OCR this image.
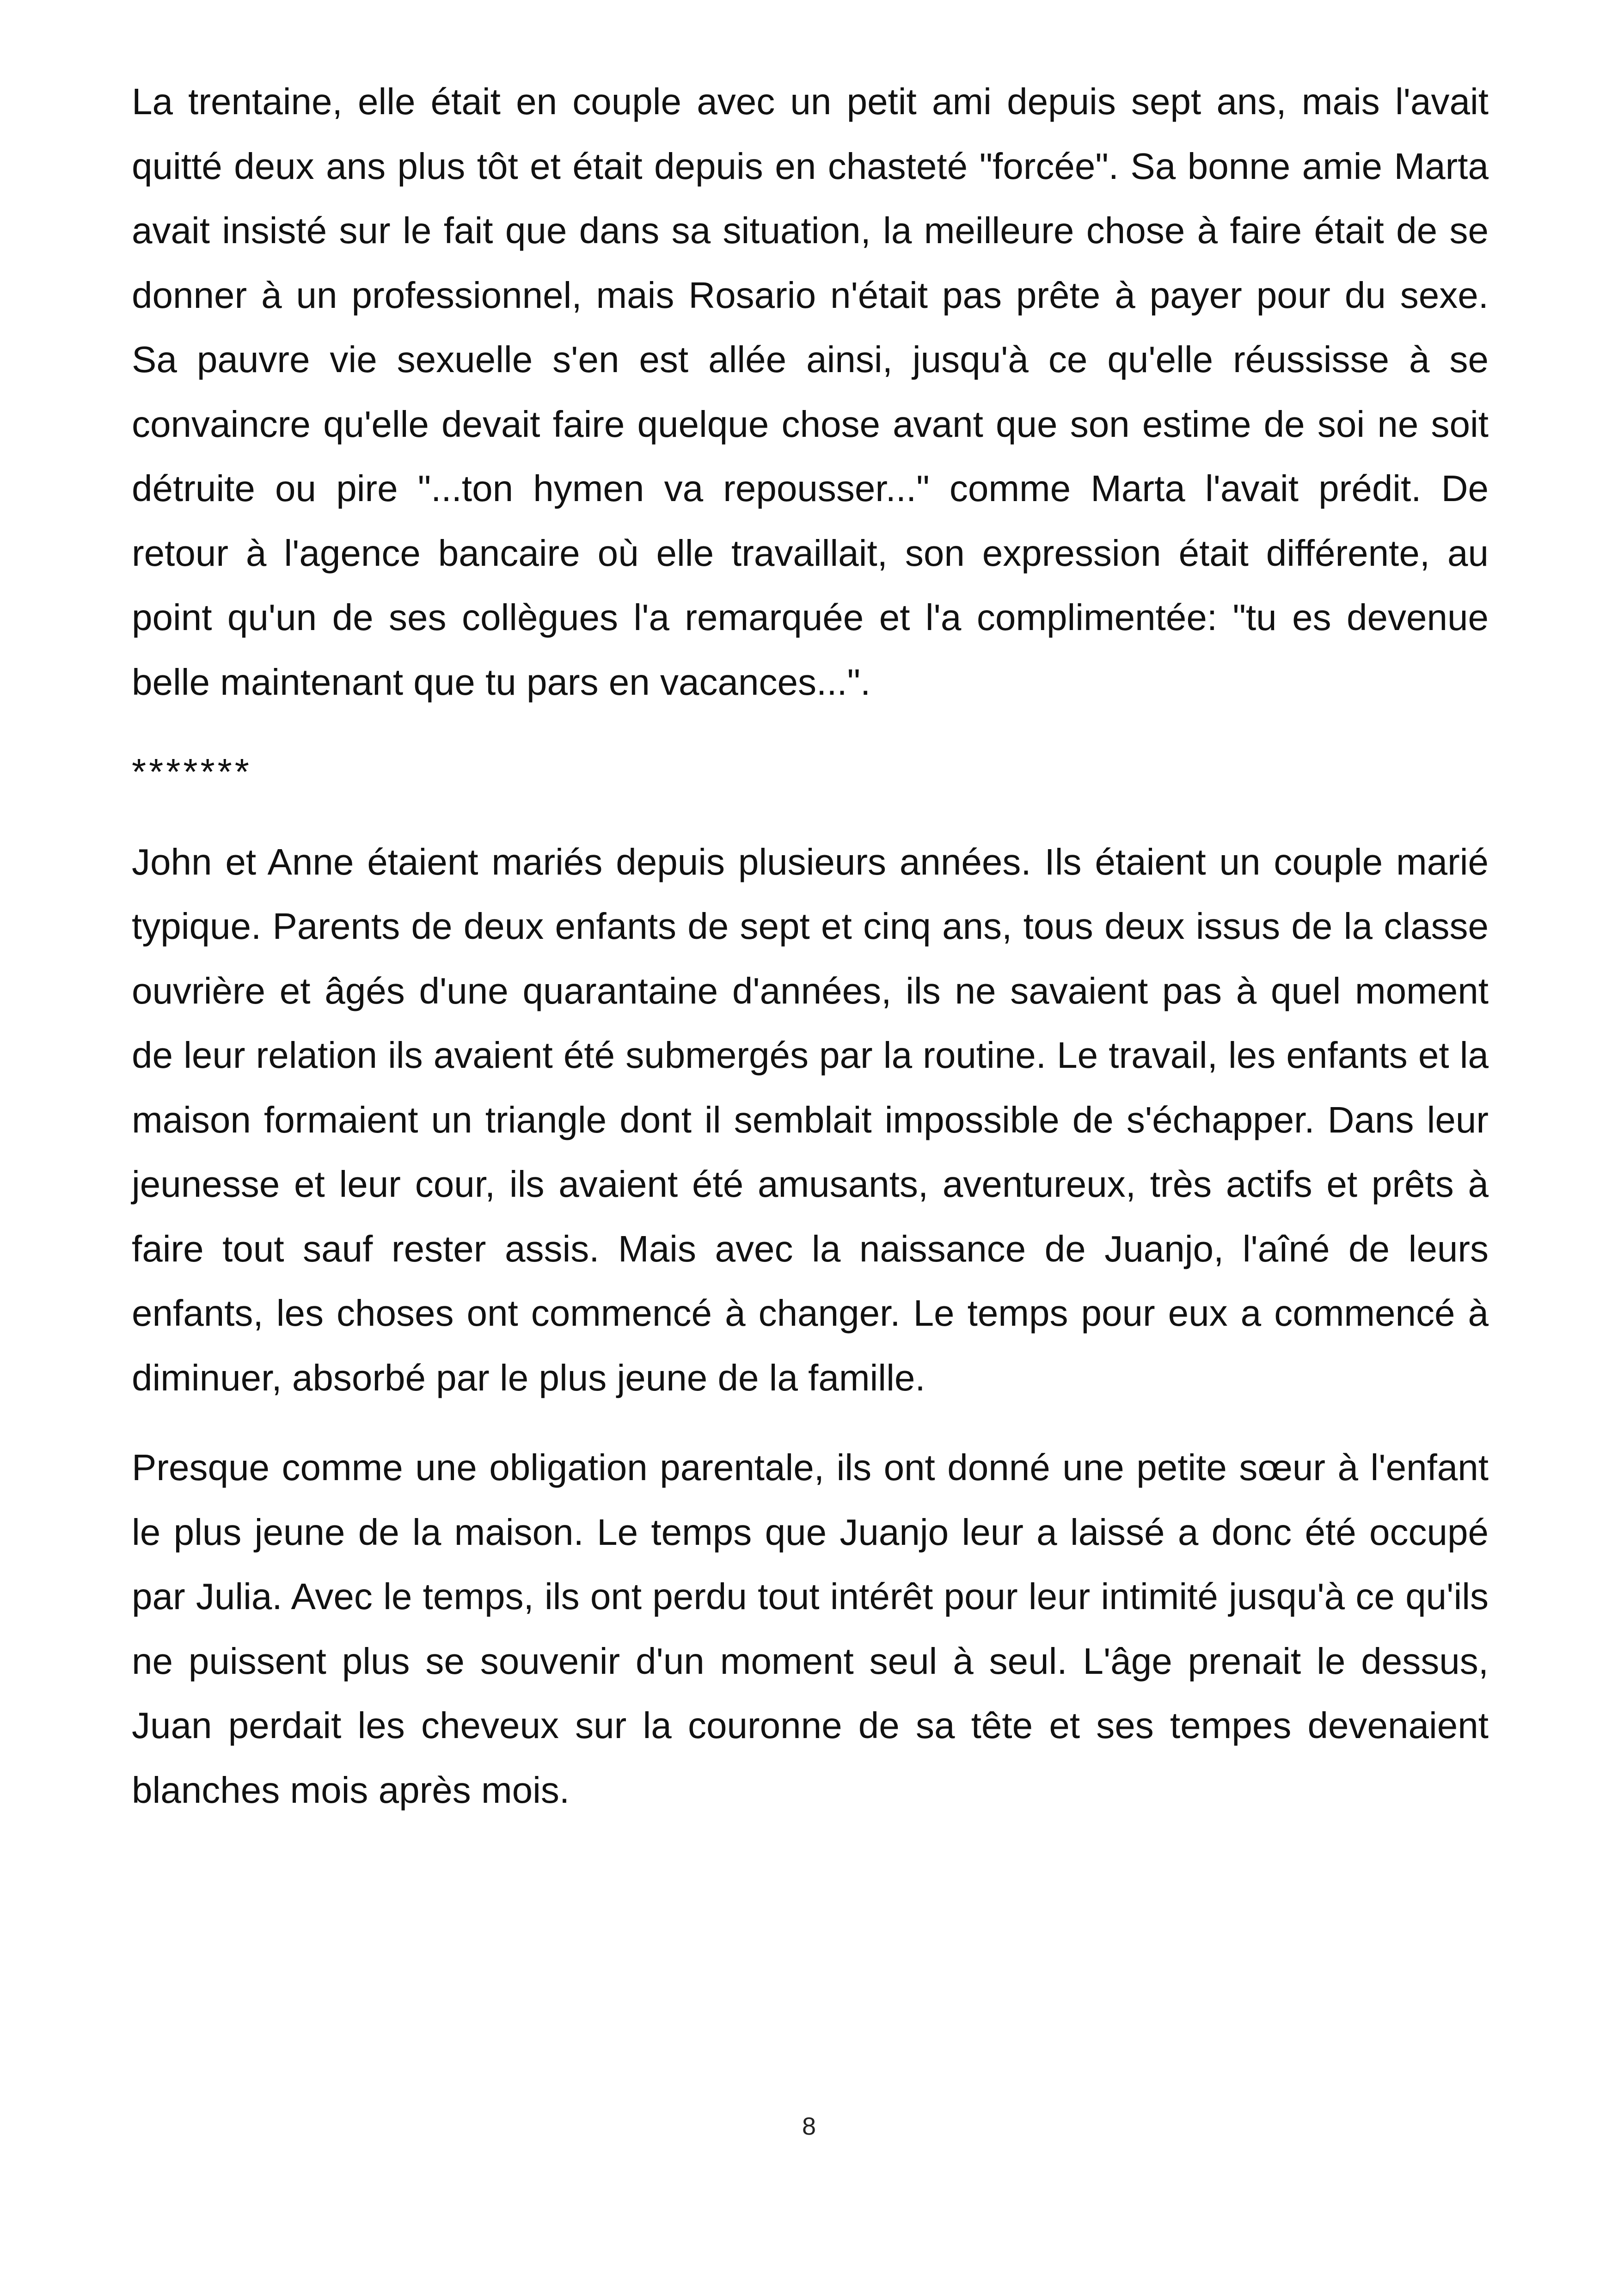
La trentaine, elle était en couple avec un petit ami depuis sept ans, mais l'avait quitté deux ans plus tôt et était depuis en chasteté "forcée". Sa bonne amie Marta avait insisté sur le fait que dans sa situation, la meilleure chose à faire était de se donner à un professionnel, mais Rosario n'était pas prête à payer pour du sexe. Sa pauvre vie sexuelle s'en est allée ainsi, jusqu'à ce qu'elle réussisse à se convaincre qu'elle devait faire quelque chose avant que son estime de soi ne soit détruite ou pire "...ton hymen va repousser..." comme Marta l'avait prédit. De retour à l'agence bancaire où elle travaillait, son expression était différente, au point qu'un de ses collègues l'a remarquée et l'a complimentée: "tu es devenue belle maintenant que tu pars en vacances...".

*******

John et Anne étaient mariés depuis plusieurs années. Ils étaient un couple marié typique. Parents de deux enfants de sept et cinq ans, tous deux issus de la classe ouvrière et âgés d'une quarantaine d'années, ils ne savaient pas à quel moment de leur relation ils avaient été submergés par la routine. Le travail, les enfants et la maison formaient un triangle dont il semblait impossible de s'échapper. Dans leur jeunesse et leur cour, ils avaient été amusants, aventureux, très actifs et prêts à faire tout sauf rester assis. Mais avec la naissance de Juanjo, l'aîné de leurs enfants, les choses ont commencé à changer. Le temps pour eux a commencé à diminuer, absorbé par le plus jeune de la famille.

Presque comme une obligation parentale, ils ont donné une petite sœur à l'enfant le plus jeune de la maison. Le temps que Juanjo leur a laissé a donc été occupé par Julia. Avec le temps, ils ont perdu tout intérêt pour leur intimité jusqu'à ce qu'ils ne puissent plus se souvenir d'un moment seul à seul. L'âge prenait le dessus, Juan perdait les cheveux sur la couronne de sa tête et ses tempes devenaient blanches mois après mois.

8
